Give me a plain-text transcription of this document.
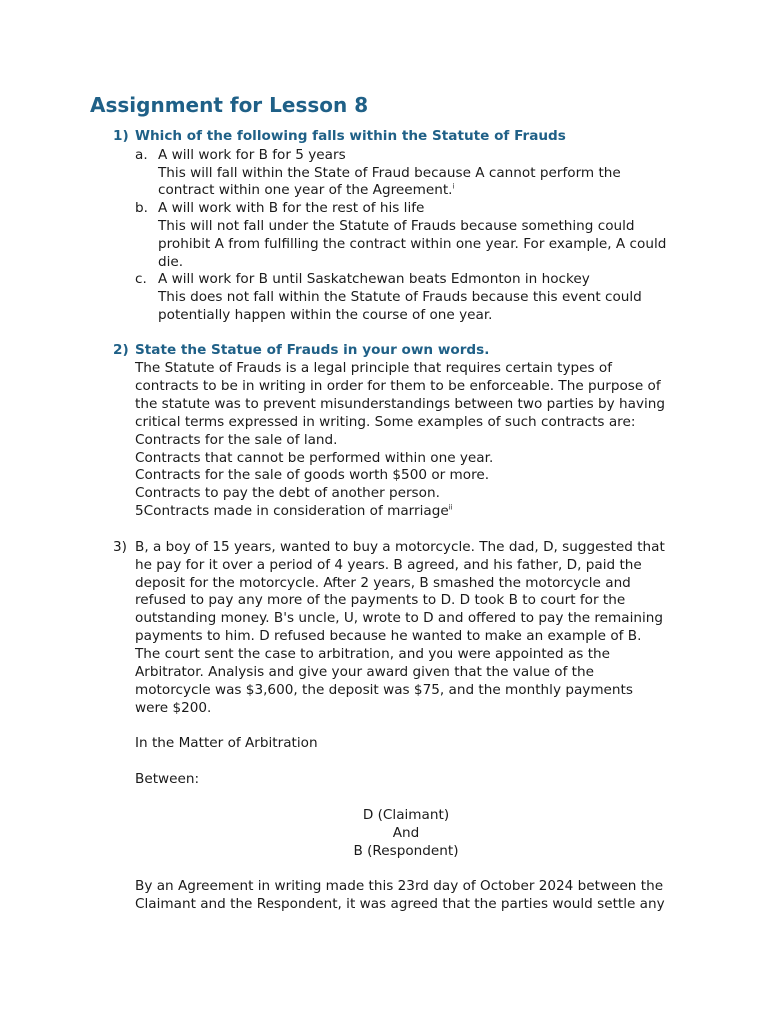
Assignment for Lesson 8
1) Which of the following falls within the Statute of Frauds
a. A will work for B for 5 years
This will fall within the State of Fraud because A cannot perform the
contract within one year of the Agreement.$^i$
b. A will work with B for the rest of his life
This will not fall under the Statute of Frauds because something could
prohibit A from fulfilling the contract within one year. For example, A could
die.
c. A will work for B until Saskatchewan beats Edmonton in hockey
This does not fall within the Statute of Frauds because this event could
potentially happen within the course of one year.
2) State the Statue of Frauds in your own words.
The Statute of Frauds is a legal principle that requires certain types of
contracts to be in writing in order for them to be enforceable. The purpose of
the statute was to prevent misunderstandings between two parties by having
critical terms expressed in writing. Some examples of such contracts are:
Contracts for the sale of land.
Contracts that cannot be performed within one year.
Contracts for the sale of goods worth $500 or more.
Contracts to pay the debt of another person.
5Contracts made in consideration of marriage$^{ii}$
3) B, a boy of 15 years, wanted to buy a motorcycle. The dad, D, suggested that
he pay for it over a period of 4 years. B agreed, and his father, D, paid the
deposit for the motorcycle. After 2 years, B smashed the motorcycle and
refused to pay any more of the payments to D. D took B to court for the
outstanding money. B's uncle, U, wrote to D and offered to pay the remaining
payments to him. D refused because he wanted to make an example of B.
The court sent the case to arbitration, and you were appointed as the
Arbitrator. Analysis and give your award given that the value of the
motorcycle was $3,600, the deposit was $75, and the monthly payments
were $200.
In the Matter of Arbitration
Between:
D (Claimant)
And
B (Respondent)
By an Agreement in writing made this 23rd day of October 2024 between the
Claimant and the Respondent, it was agreed that the parties would settle any
